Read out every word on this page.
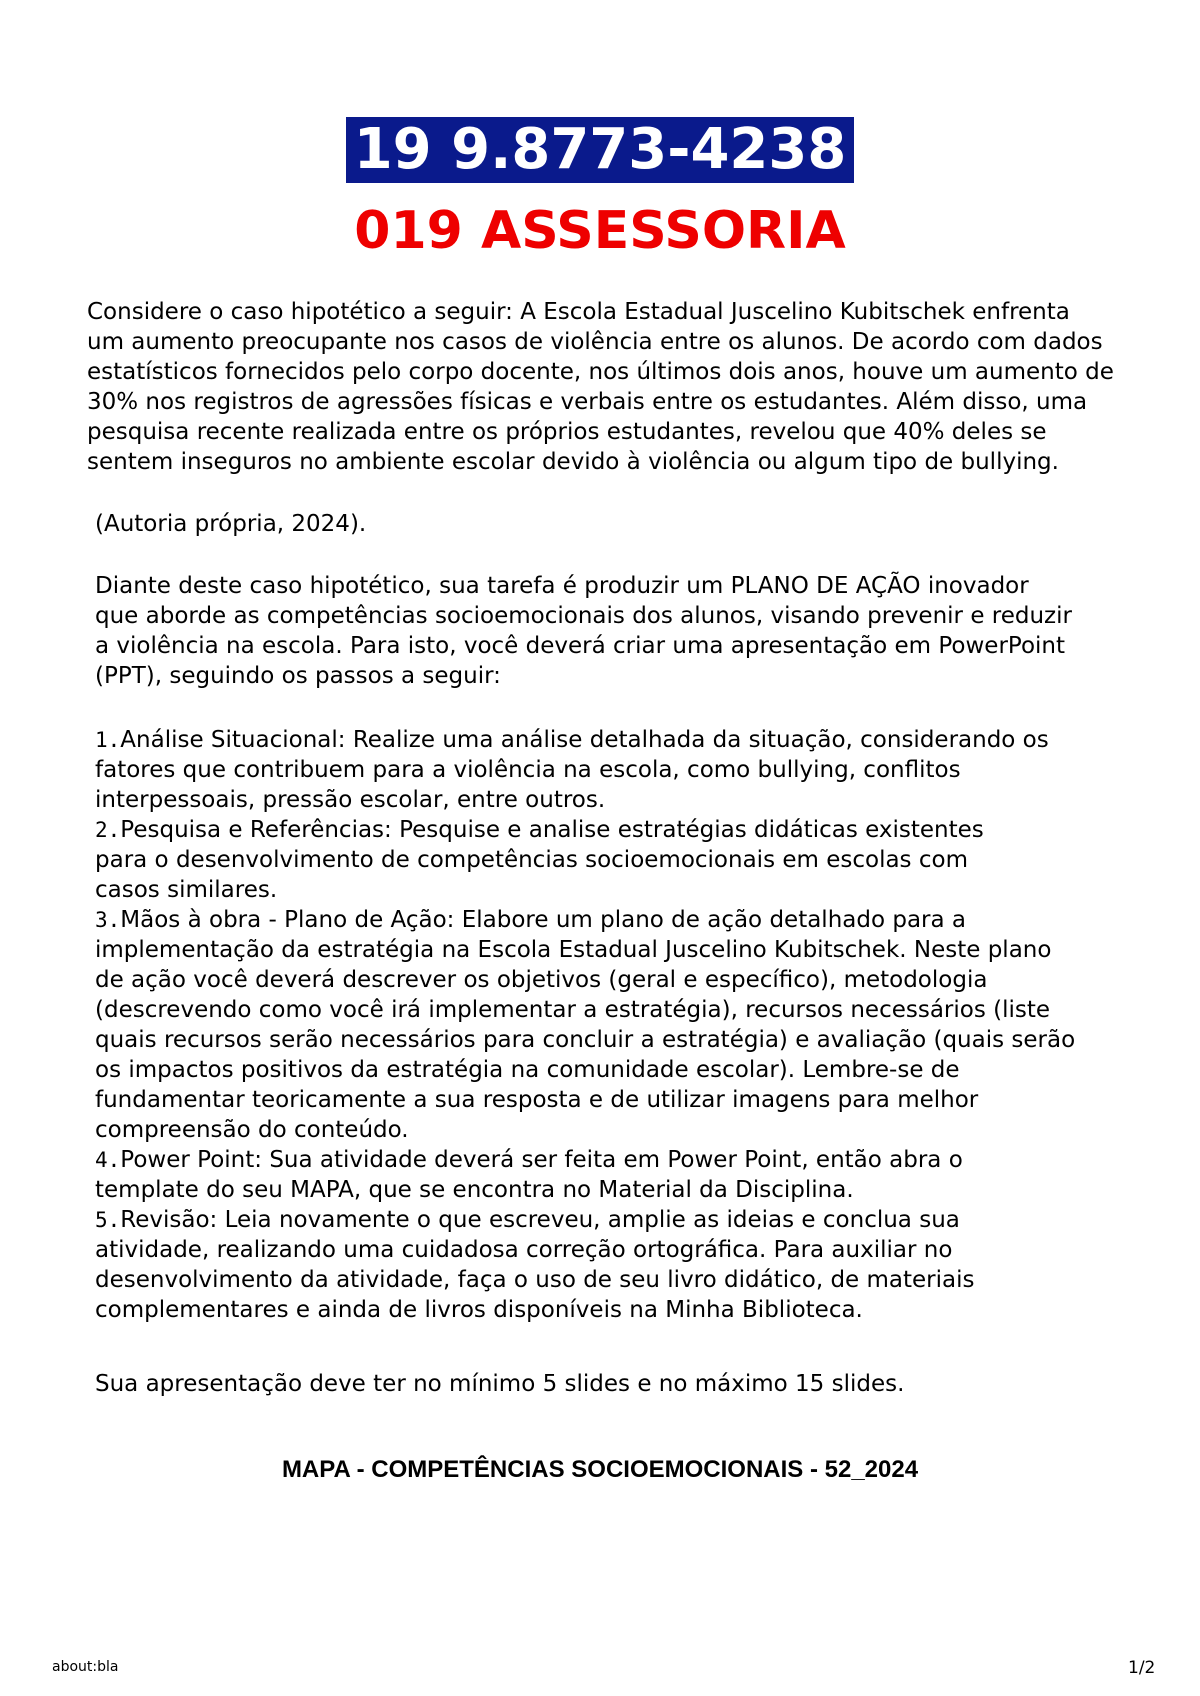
19 9.8773-4238
019 ASSESSORIA
Considere o caso hipotético a seguir: A Escola Estadual Juscelino Kubitschek enfrenta
um aumento preocupante nos casos de violência entre os alunos. De acordo com dados
estatísticos fornecidos pelo corpo docente, nos últimos dois anos, houve um aumento de
30% nos registros de agressões físicas e verbais entre os estudantes. Além disso, uma
pesquisa recente realizada entre os próprios estudantes, revelou que 40% deles se
sentem inseguros no ambiente escolar devido à violência ou algum tipo de bullying.
(Autoria própria, 2024).
Diante deste caso hipotético, sua tarefa é produzir um PLANO DE AÇÃO inovador
que aborde as competências socioemocionais dos alunos, visando prevenir e reduzir
a violência na escola. Para isto, você deverá criar uma apresentação em PowerPoint
(PPT), seguindo os passos a seguir:
1.Análise Situacional: Realize uma análise detalhada da situação, considerando os
fatores que contribuem para a violência na escola, como bullying, conflitos
interpessoais, pressão escolar, entre outros.
2.Pesquisa e Referências: Pesquise e analise estratégias didáticas existentes
para o desenvolvimento de competências socioemocionais em escolas com
casos similares.
3.Mãos à obra - Plano de Ação: Elabore um plano de ação detalhado para a
implementação da estratégia na Escola Estadual Juscelino Kubitschek. Neste plano
de ação você deverá descrever os objetivos (geral e específico), metodologia
(descrevendo como você irá implementar a estratégia), recursos necessários (liste
quais recursos serão necessários para concluir a estratégia) e avaliação (quais serão
os impactos positivos da estratégia na comunidade escolar). Lembre-se de
fundamentar teoricamente a sua resposta e de utilizar imagens para melhor
compreensão do conteúdo.
4.Power Point: Sua atividade deverá ser feita em Power Point, então abra o
template do seu MAPA, que se encontra no Material da Disciplina.
5.Revisão: Leia novamente o que escreveu, amplie as ideias e conclua sua
atividade, realizando uma cuidadosa correção ortográfica. Para auxiliar no
desenvolvimento da atividade, faça o uso de seu livro didático, de materiais
complementares e ainda de livros disponíveis na Minha Biblioteca.
Sua apresentação deve ter no mínimo 5 slides e no máximo 15 slides.
MAPA - COMPETÊNCIAS SOCIOEMOCIONAIS - 52_2024
about:bla	1/2
